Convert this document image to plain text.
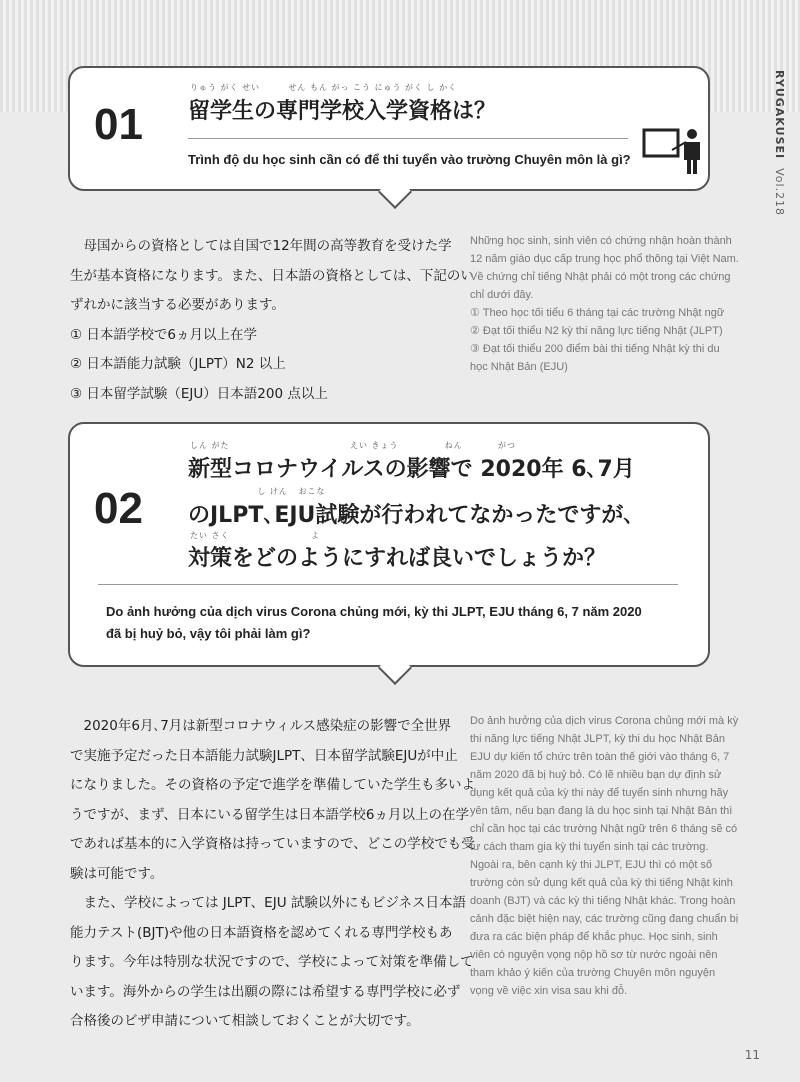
RYUGAKUSEI  Vol.218
01
りゅう がく せい        せん もん がっ こう にゅう がく し かく
留学生の専門学校入学資格は？
Trình độ du học sinh cần có để thi tuyển vào trường Chuyên môn là gì?

　母国からの資格としては自国で12年間の高等教育を受けた学

生が基本資格になります。また、日本語の資格としては、下記のい

ずれかに該当する必要があります。

① 日本語学校で6ヵ月以上在学

② 日本語能力試験（JLPT）N2 以上

③ 日本留学試験（EJU）日本語200 点以上

Những học sinh, sinh viên có chứng nhận hoàn thành 12 năm giáo dục cấp trung học phổ thông tại Việt Nam. Về chứng chỉ tiếng Nhật phải có một trong các chứng chỉ dưới đây.

① Theo học tối tiểu 6 tháng tại các trường Nhật ngữ

② Đạt tối thiểu N2 kỳ thi năng lực tiếng Nhật (JLPT)

③ Đạt tối thiểu 200 điểm bài thi tiếng Nhật kỳ thi du học Nhật Bản (EJU)

02
しん がた                                  えい きょう             ねん          がつ
新型コロナウイルスの影響で 2020年 6､7月
し けん   おこな
のJLPT､EJU試験が行われてなかったですが､
たい さく                       よ
対策をどのようにすれば良いでしょうか？
Do ảnh hưởng của dịch virus Corona chủng mới, kỳ thi JLPT, EJU tháng 6, 7 năm 2020
đã bị huỷ bỏ, vậy tôi phải làm gì?

　2020年6月､7月は新型コロナウィルス感染症の影響で全世界

で実施予定だった日本語能力試験JLPT、日本留学試験EJUが中止

になりました。その資格の予定で進学を準備していた学生も多いよ

うですが、まず、日本にいる留学生は日本語学校6ヵ月以上の在学

であれば基本的に入学資格は持っていますので、どこの学校でも受

験は可能です。

　また、学校によっては JLPT、EJU 試験以外にもビジネス日本語

能力テスト(BJT)や他の日本語資格を認めてくれる専門学校もあ

ります。今年は特別な状況ですので、学校によって対策を準備して

います。海外からの学生は出願の際には希望する専門学校に必ず

合格後のビザ申請について相談しておくことが大切です。

Do ảnh hưởng của dịch virus Corona chủng mới mà kỳ thi năng lực tiếng Nhật JLPT, kỳ thi du học Nhật Bản EJU dự kiến tổ chức trên toàn thế giới vào tháng 6, 7 năm 2020 đã bị huỷ bỏ. Có lẽ nhiều bạn dự định sử dụng kết quả của kỳ thi này để tuyển sinh nhưng hãy yên tâm, nếu bạn đang là du học sinh tại Nhật Bản thì chỉ cần học tại các trường Nhật ngữ trên 6 tháng sẽ có tư cách tham gia kỳ thi tuyển sinh tại các trường.

Ngoài ra, bên cạnh kỳ thi JLPT, EJU thì có một số trường còn sử dụng kết quả của kỳ thi tiếng Nhật kinh doanh (BJT) và các kỳ thi tiếng Nhật khác. Trong hoàn cảnh đặc biệt hiện nay, các trường cũng đang chuẩn bị đưa ra các biện pháp để khắc phục. Học sinh, sinh viên có nguyện vọng nộp hồ sơ từ nước ngoài nên tham khảo ý kiến của trường Chuyên môn nguyện vọng về việc xin visa sau khi đỗ.

11
